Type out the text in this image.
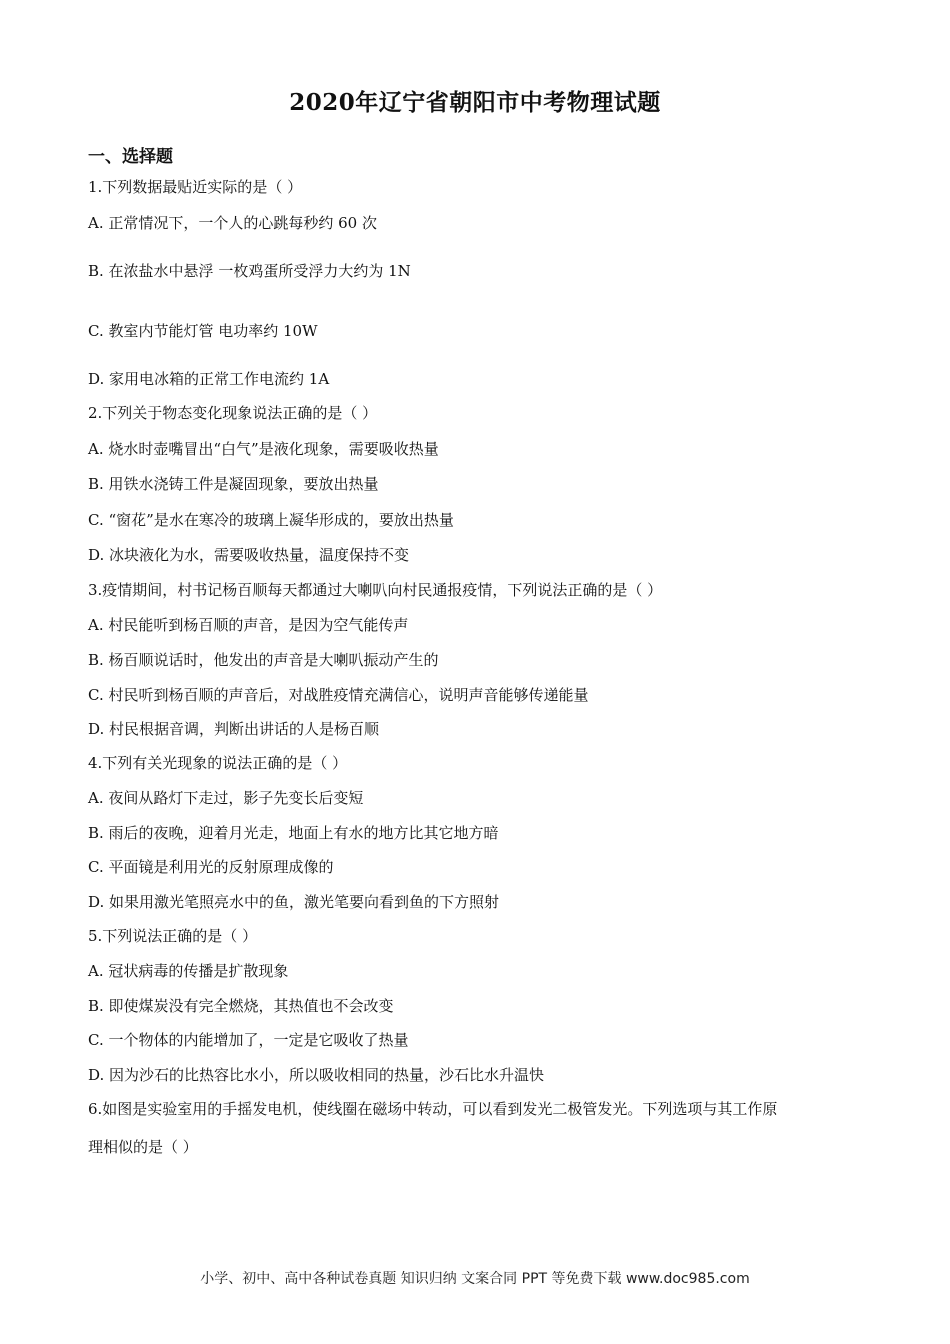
2020年辽宁省朝阳市中考物理试题
一、选择题
1.下列数据最贴近实际的是（ ）
A. 正常情况下，一个人的心跳每秒约 60 次
B. 在浓盐水中悬浮 一枚鸡蛋所受浮力大约为 1N
C. 教室内节能灯管 电功率约 10W
D. 家用电冰箱的正常工作电流约 1A
2.下列关于物态变化现象说法正确的是（ ）
A. 烧水时壶嘴冒出“白气”是液化现象，需要吸收热量
B. 用铁水浇铸工件是凝固现象，要放出热量
C. “窗花”是水在寒冷的玻璃上凝华形成的，要放出热量
D. 冰块液化为水，需要吸收热量，温度保持不变
3.疫情期间，村书记杨百顺每天都通过大喇叭向村民通报疫情，下列说法正确的是（ ）
A. 村民能听到杨百顺的声音，是因为空气能传声
B. 杨百顺说话时，他发出的声音是大喇叭振动产生的
C. 村民听到杨百顺的声音后，对战胜疫情充满信心，说明声音能够传递能量
D. 村民根据音调，判断出讲话的人是杨百顺
4.下列有关光现象的说法正确的是（ ）
A. 夜间从路灯下走过，影子先变长后变短
B. 雨后的夜晚，迎着月光走，地面上有水的地方比其它地方暗
C. 平面镜是利用光的反射原理成像的
D. 如果用激光笔照亮水中的鱼，激光笔要向看到鱼的下方照射
5.下列说法正确的是（ ）
A. 冠状病毒的传播是扩散现象
B. 即使煤炭没有完全燃烧，其热值也不会改变
C. 一个物体的内能增加了，一定是它吸收了热量
D. 因为沙石的比热容比水小，所以吸收相同的热量，沙石比水升温快
6.如图是实验室用的手摇发电机，使线圈在磁场中转动，可以看到发光二极管发光。下列选项与其工作原
理相似的是（ ）
小学、初中、高中各种试卷真题 知识归纳 文案合同 PPT 等免费下载 www.doc985.com
